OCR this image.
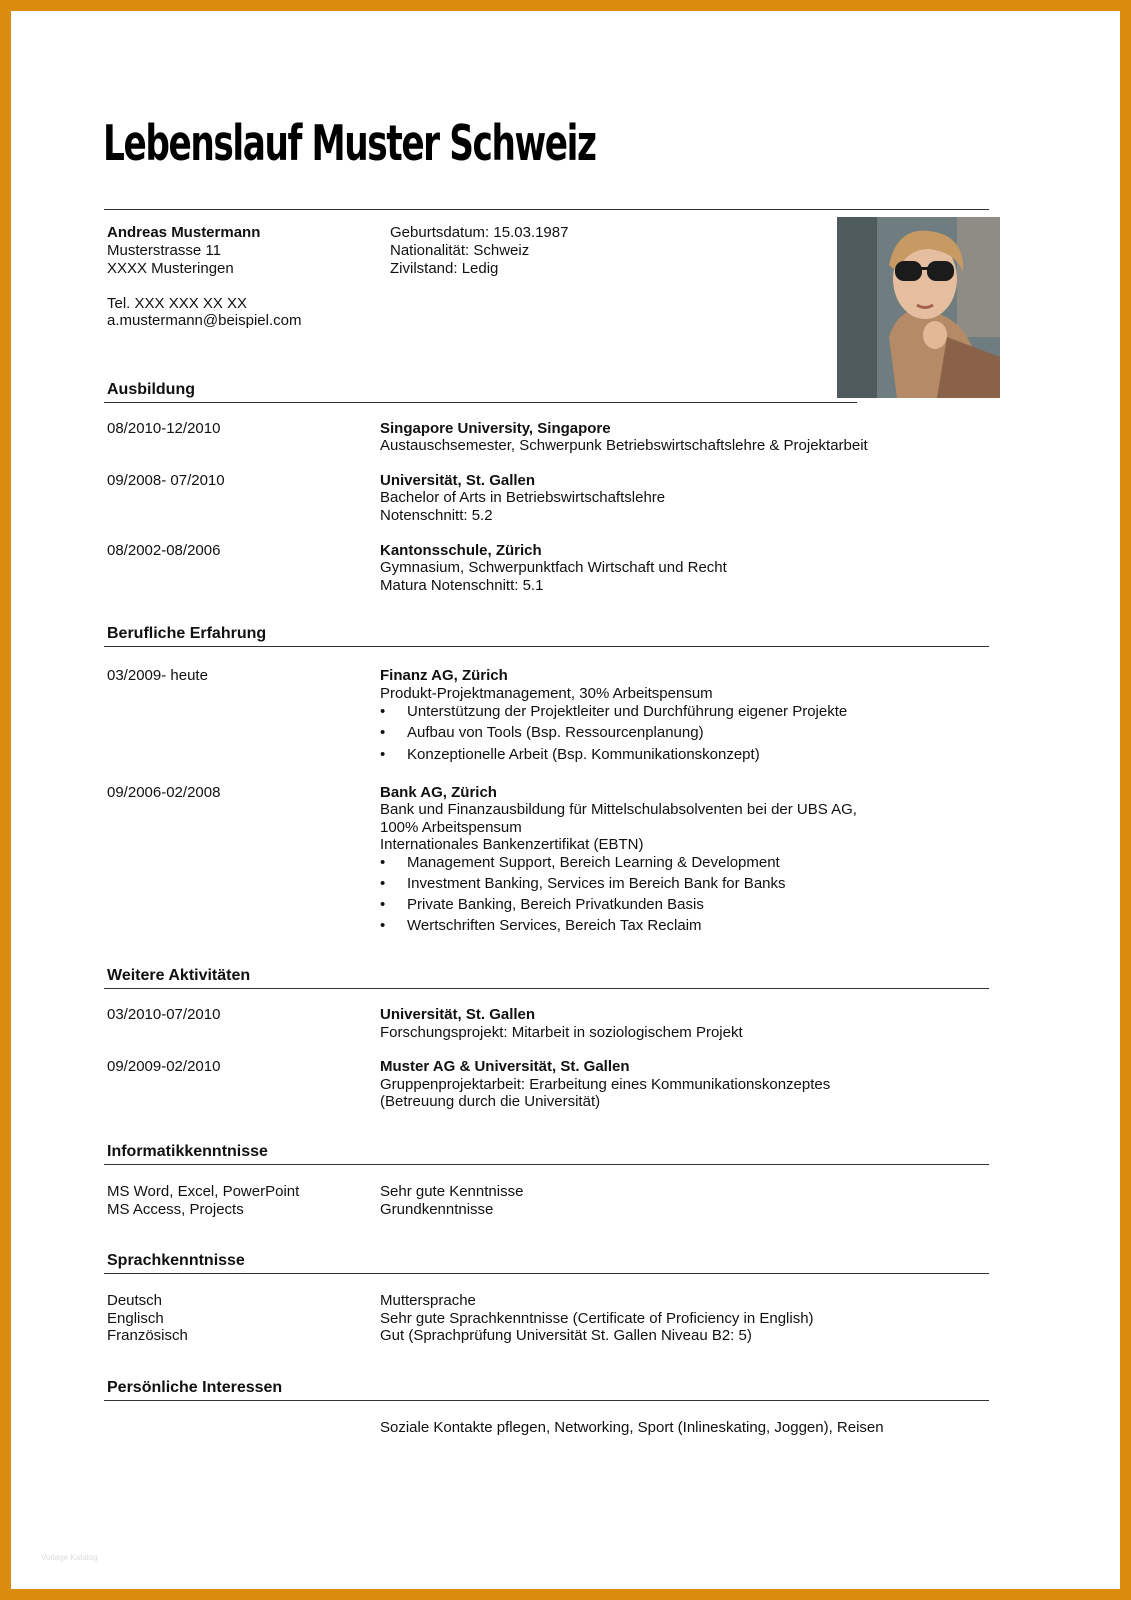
Lebenslauf Muster Schweiz
Andreas Mustermann
Musterstrasse 11
XXXX Musteringen
Tel. XXX XXX XX XX
a.mustermann@beispiel.com
Geburtsdatum: 15.03.1987
Nationalität: Schweiz
Zivilstand: Ledig
Ausbildung
08/2010-12/2010	Singapore University, Singapore
Austauschsemester, Schwerpunk Betriebswirtschaftslehre & Projektarbeit
09/2008- 07/2010	Universität, St. Gallen
Bachelor of Arts in Betriebswirtschaftslehre
Notenschnitt: 5.2
08/2002-08/2006	Kantonsschule, Zürich
Gymnasium, Schwerpunktfach Wirtschaft und Recht
Matura Notenschnitt: 5.1
Berufliche Erfahrung
03/2009- heute	Finanz AG, Zürich
Produkt-Projektmanagement, 30% Arbeitspensum
• Unterstützung der Projektleiter und Durchführung eigener Projekte
• Aufbau von Tools (Bsp. Ressourcenplanung)
• Konzeptionelle Arbeit (Bsp. Kommunikationskonzept)
09/2006-02/2008	Bank AG, Zürich
Bank und Finanzausbildung für Mittelschulabsolventen bei der UBS AG,
100% Arbeitspensum
Internationales Bankenzertifikat (EBTN)
• Management Support, Bereich Learning & Development
• Investment Banking, Services im Bereich Bank for Banks
• Private Banking, Bereich Privatkunden Basis
• Wertschriften Services, Bereich Tax Reclaim
Weitere Aktivitäten
03/2010-07/2010	Universität, St. Gallen
Forschungsprojekt: Mitarbeit in soziologischem Projekt
09/2009-02/2010	Muster AG & Universität, St. Gallen
Gruppenprojektarbeit: Erarbeitung eines Kommunikationskonzeptes
(Betreuung durch die Universität)
Informatikkenntnisse
MS Word, Excel, PowerPoint	Sehr gute Kenntnisse
MS Access, Projects	Grundkenntnisse
Sprachkenntnisse
Deutsch	Muttersprache
Englisch	Sehr gute Sprachkenntnisse (Certificate of Proficiency in English)
Französisch	Gut (Sprachprüfung Universität St. Gallen Niveau B2: 5)
Persönliche Interessen
Soziale Kontakte pflegen, Networking, Sport (Inlineskating, Joggen), Reisen
Vorlage Katalog
